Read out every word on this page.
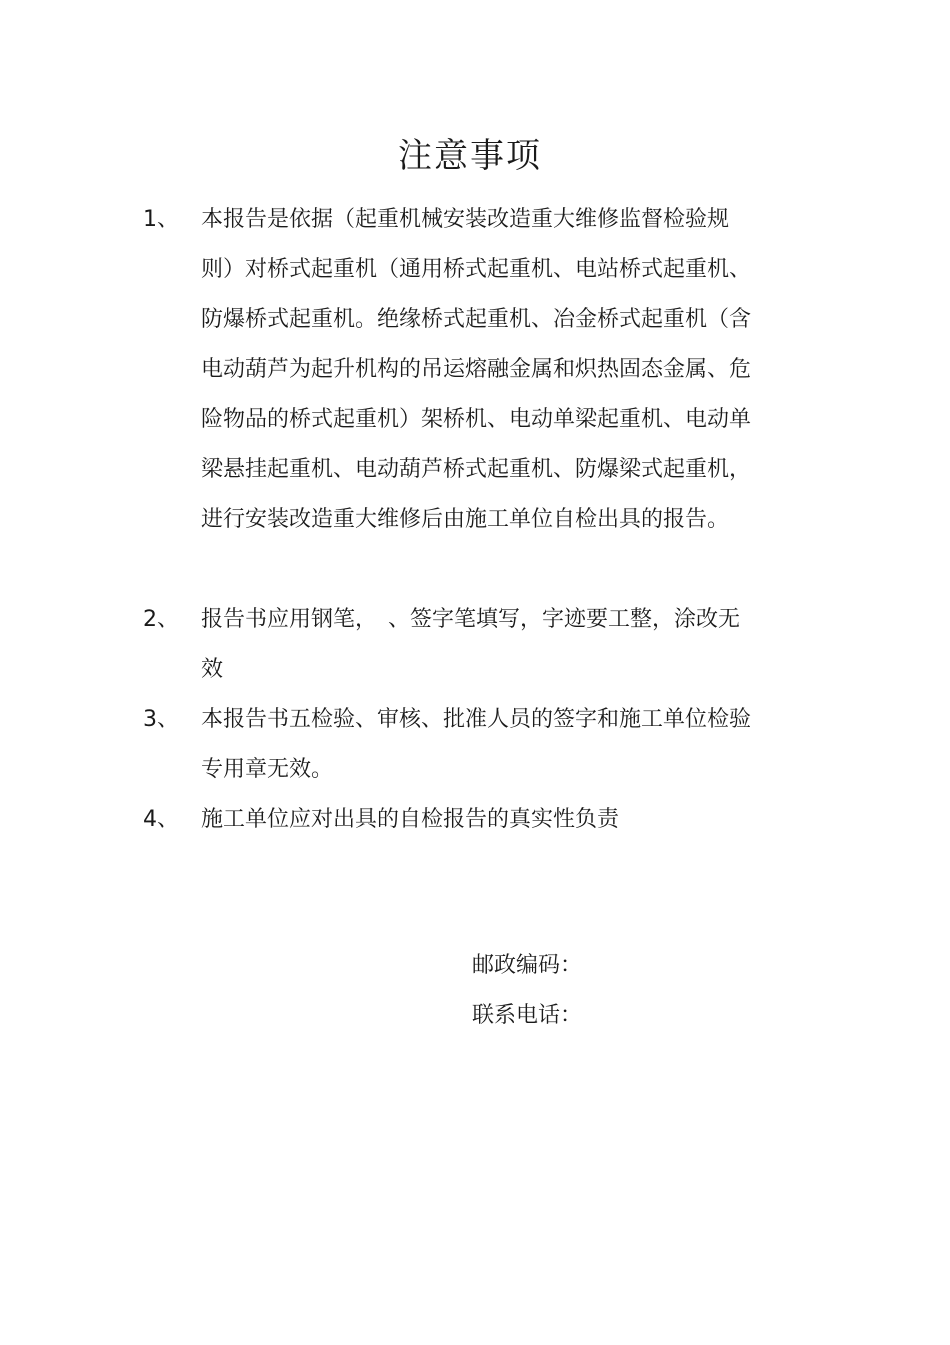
注意事项
1、	本报告是依据（起重机械安装改造重大维修监督检验规则）对桥式起重机（通用桥式起重机、电站桥式起重机、防爆桥式起重机。绝缘桥式起重机、冶金桥式起重机（含电动葫芦为起升机构的吊运熔融金属和炽热固态金属、危险物品的桥式起重机）架桥机、电动单梁起重机、电动单梁悬挂起重机、电动葫芦桥式起重机、防爆梁式起重机，进行安装改造重大维修后由施工单位自检出具的报告。
2、	报告书应用钢笔，　、签字笔填写，字迹要工整，涂改无效
3、	本报告书五检验、审核、批准人员的签字和施工单位检验专用章无效。
4、	施工单位应对出具的自检报告的真实性负责
邮政编码：
联系电话：
